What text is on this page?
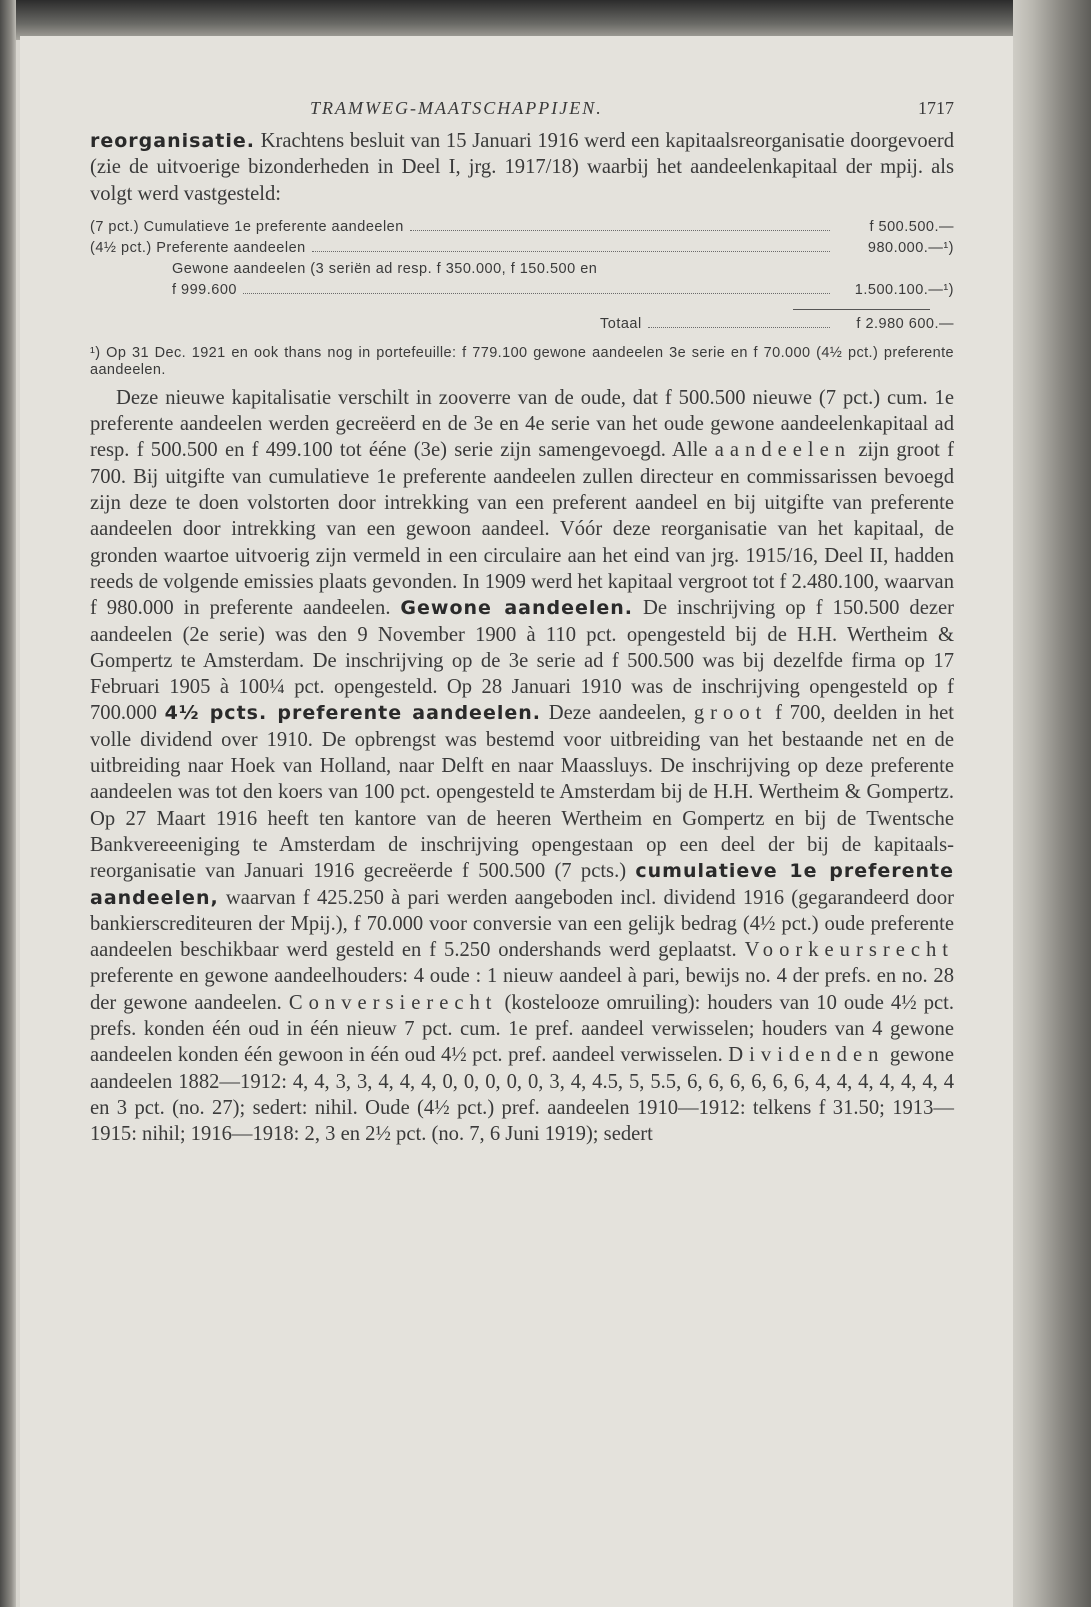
TRAMWEG-MAATSCHAPPIJEN.	1717
reorganisatie. Krachtens besluit van 15 Januari 1916 werd een kapitaalsreorganisatie doorgevoerd (zie de uitvoerige bizonderheden in Deel I, jrg. 1917/18) waarbij het aandeelenkapitaal der mpij. als volgt werd vastgesteld:
(7 pct.) Cumulatieve 1e preferente aandeelen	f 500.500.—
(4½ pct.) Preferente aandeelen	980.000.—¹)
Gewone aandeelen (3 seriën ad resp. f 350.000, f 150.500 en
f 999.600	1.500.100.—¹)
Totaal	f 2.980 600.—
¹) Op 31 Dec. 1921 en ook thans nog in portefeuille: f 779.100 gewone aandeelen 3e serie en f 70.000 (4½ pct.) preferente aandeelen.
Deze nieuwe kapitalisatie verschilt in zooverre van de oude, dat f 500.500 nieuwe (7 pct.) cum. 1e preferente aandeelen werden gecreëerd en de 3e en 4e serie van het oude gewone aandeelenkapitaal ad resp. f 500.500 en f 499.100 tot ééne (3e) serie zijn samengevoegd. Alle aandeelen zijn groot f 700. Bij uitgifte van cumulatieve 1e preferente aandeelen zullen directeur en commissarissen bevoegd zijn deze te doen volstorten door intrekking van een preferent aandeel en bij uitgifte van preferente aandeelen door intrekking van een gewoon aandeel. Vóór deze reorganisatie van het kapitaal, de gronden waartoe uitvoerig zijn vermeld in een circulaire aan het eind van jrg. 1915/16, Deel II, hadden reeds de volgende emissies plaats gevonden. In 1909 werd het kapitaal vergroot tot f 2.480.100, waarvan f 980.000 in preferente aandeelen. Gewone aandeelen. De inschrijving op f 150.500 dezer aandeelen (2e serie) was den 9 November 1900 à 110 pct. opengesteld bij de H.H. Wertheim & Gompertz te Amsterdam. De inschrijving op de 3e serie ad f 500.500 was bij dezelfde firma op 17 Februari 1905 à 100¼ pct. opengesteld. Op 28 Januari 1910 was de inschrijving opengesteld op f 700.000 4½ pcts. preferente aandeelen. Deze aandeelen, groot f 700, deelden in het volle dividend over 1910. De opbrengst was bestemd voor uitbreiding van het bestaande net en de uitbreiding naar Hoek van Holland, naar Delft en naar Maassluys. De inschrijving op deze preferente aandeelen was tot den koers van 100 pct. opengesteld te Amsterdam bij de H.H. Wertheim & Gompertz. Op 27 Maart 1916 heeft ten kantore van de heeren Wertheim en Gompertz en bij de Twentsche Bankvereeeniging te Amsterdam de inschrijving opengestaan op een deel der bij de kapitaals-reorganisatie van Januari 1916 gecreëerde f 500.500 (7 pcts.) cumulatieve 1e preferente aandeelen, waarvan f 425.250 à pari werden aangeboden incl. dividend 1916 (gegarandeerd door bankierscrediteuren der Mpij.), f 70.000 voor conversie van een gelijk bedrag (4½ pct.) oude preferente aandeelen beschikbaar werd gesteld en f 5.250 ondershands werd geplaatst. Voorkeursrecht preferente en gewone aandeelhouders: 4 oude : 1 nieuw aandeel à pari, bewijs no. 4 der prefs. en no. 28 der gewone aandeelen. Conversierecht (kostelooze omruiling): houders van 10 oude 4½ pct. prefs. konden één oud in één nieuw 7 pct. cum. 1e pref. aandeel verwisselen; houders van 4 gewone aandeelen konden één gewoon in één oud 4½ pct. pref. aandeel verwisselen. Dividenden gewone aandeelen 1882—1912: 4, 4, 3, 3, 4, 4, 4, 0, 0, 0, 0, 0, 3, 4, 4.5, 5, 5.5, 6, 6, 6, 6, 6, 6, 4, 4, 4, 4, 4, 4, 4 en 3 pct. (no. 27); sedert: nihil. Oude (4½ pct.) pref. aandeelen 1910—1912: telkens f 31.50; 1913—1915: nihil; 1916—1918: 2, 3 en 2½ pct. (no. 7, 6 Juni 1919); sedert
